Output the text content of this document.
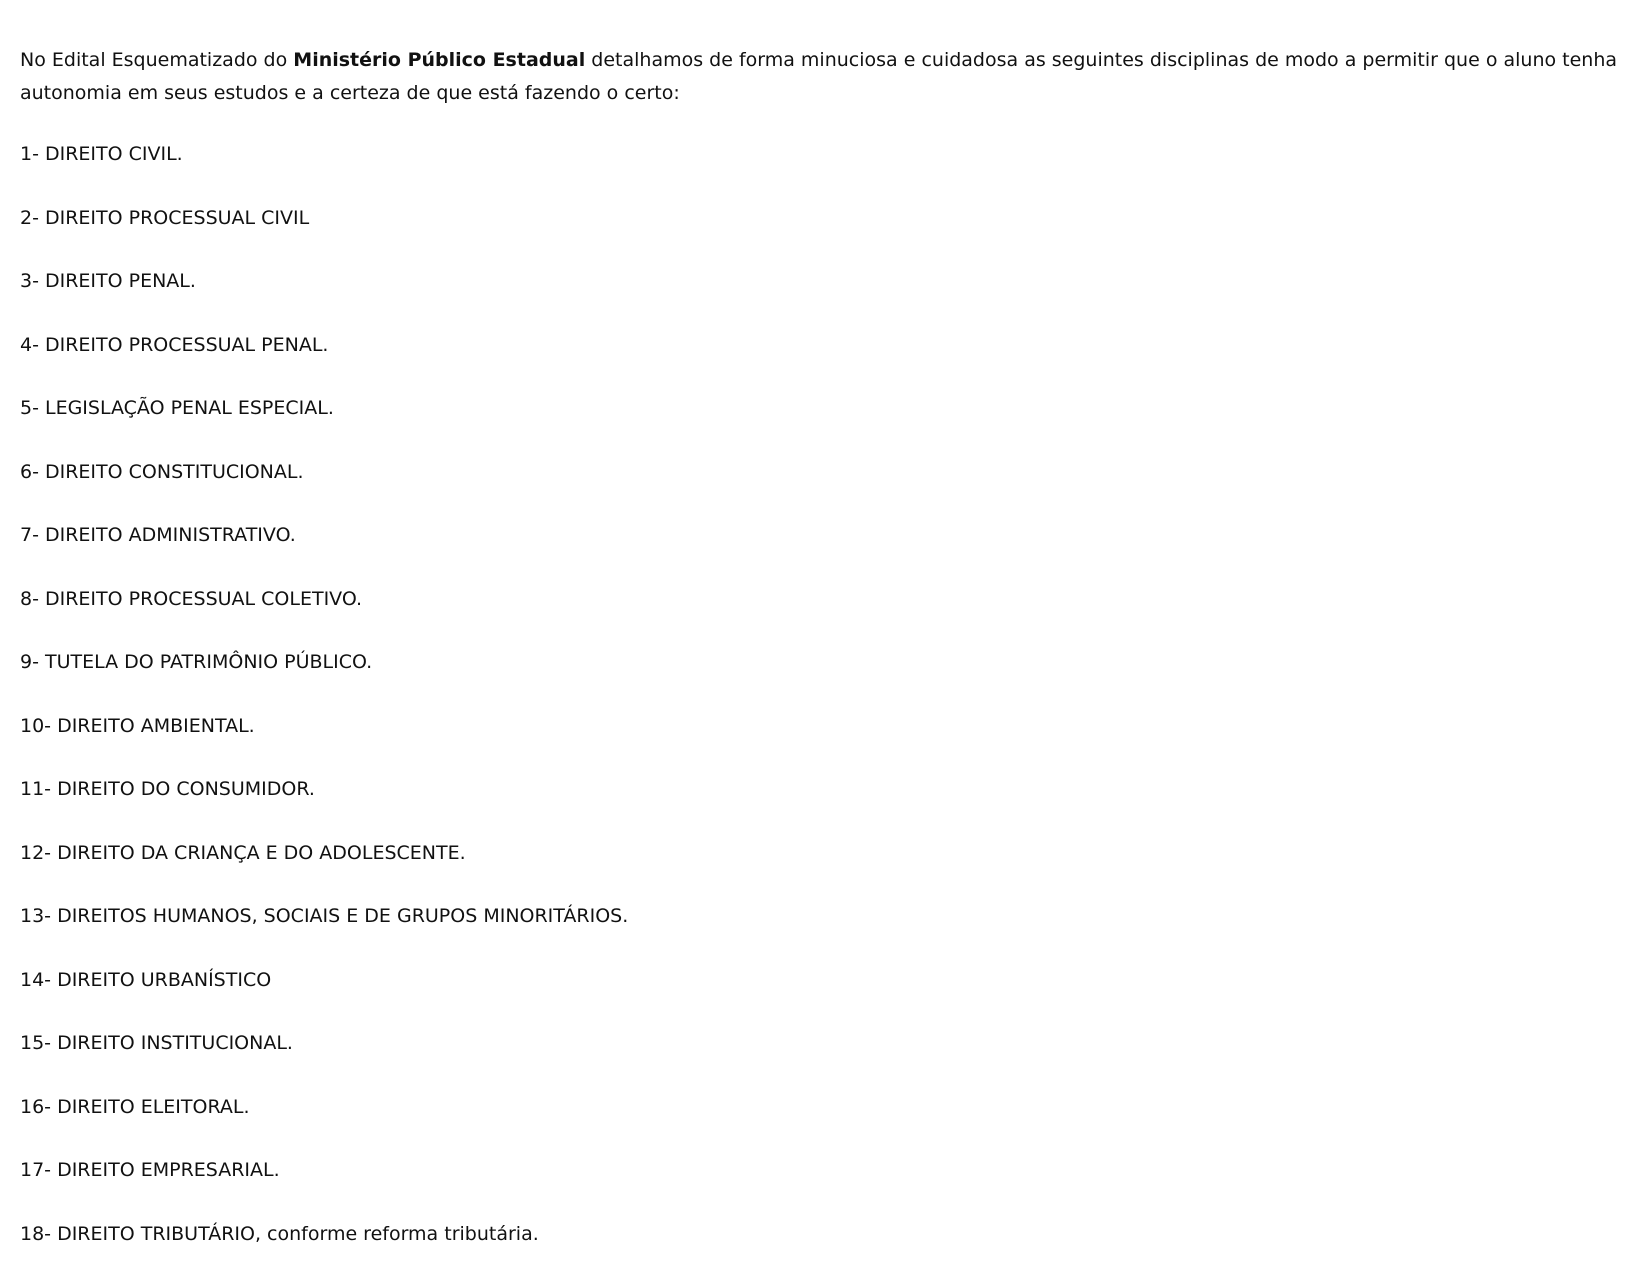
No Edital Esquematizado do Ministério Público Estadual detalhamos de forma minuciosa e cuidadosa as seguintes disciplinas de modo a permitir que o aluno tenha autonomia em seus estudos e a certeza de que está fazendo o certo:

1- DIREITO CIVIL.
2- DIREITO PROCESSUAL CIVIL
3- DIREITO PENAL.
4- DIREITO PROCESSUAL PENAL.
5- LEGISLAÇÃO PENAL ESPECIAL.
6- DIREITO CONSTITUCIONAL.
7- DIREITO ADMINISTRATIVO.
8- DIREITO PROCESSUAL COLETIVO.
9- TUTELA DO PATRIMÔNIO PÚBLICO.
10- DIREITO AMBIENTAL.
11- DIREITO DO CONSUMIDOR.
12- DIREITO DA CRIANÇA E DO ADOLESCENTE.
13- DIREITOS HUMANOS, SOCIAIS E DE GRUPOS MINORITÁRIOS.
14- DIREITO URBANÍSTICO
15- DIREITO INSTITUCIONAL.
16- DIREITO ELEITORAL.
17- DIREITO EMPRESARIAL.
18- DIREITO TRIBUTÁRIO, conforme reforma tributária.
